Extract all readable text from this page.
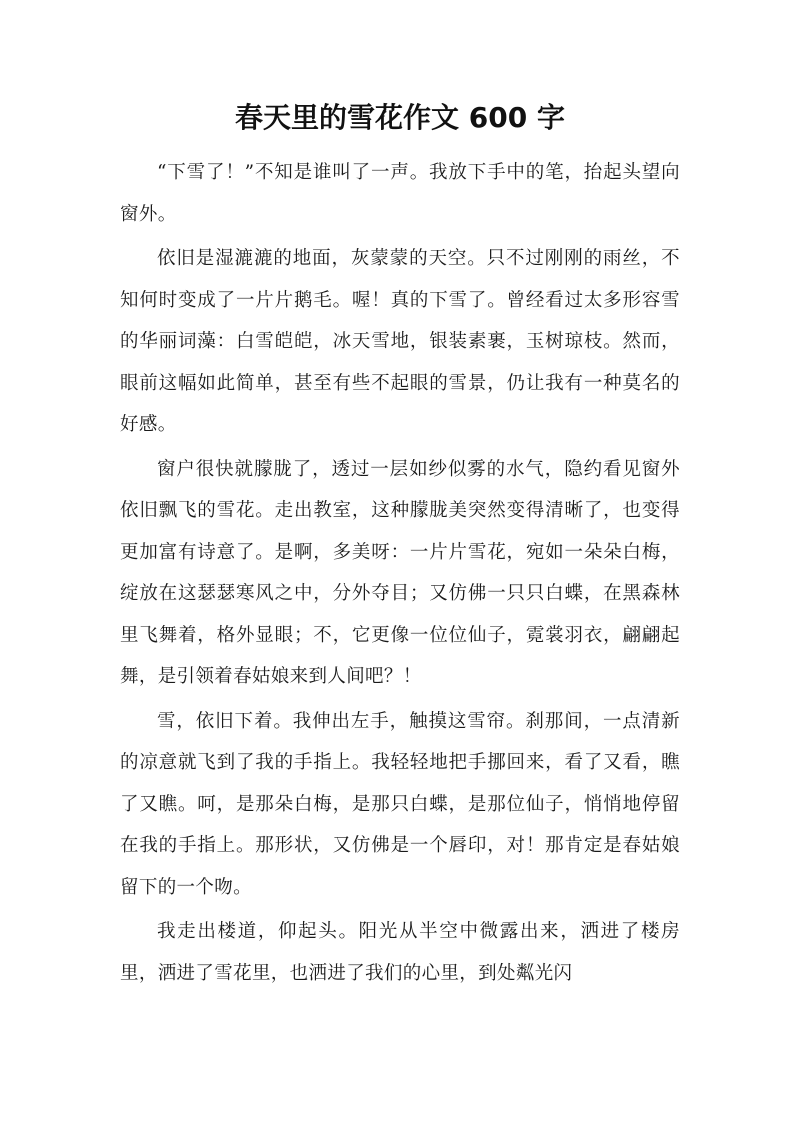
春天里的雪花作文 600 字

“下雪了！”不知是谁叫了一声。我放下手中的笔，抬起头望向窗外。

依旧是湿漉漉的地面，灰蒙蒙的天空。只不过刚刚的雨丝，不知何时变成了一片片鹅毛。喔！真的下雪了。曾经看过太多形容雪的华丽词藻：白雪皑皑，冰天雪地，银装素裹，玉树琼枝。然而，眼前这幅如此简单，甚至有些不起眼的雪景，仍让我有一种莫名的好感。

窗户很快就朦胧了，透过一层如纱似雾的水气，隐约看见窗外依旧飘飞的雪花。走出教室，这种朦胧美突然变得清晰了，也变得更加富有诗意了。是啊，多美呀：一片片雪花，宛如一朵朵白梅，绽放在这瑟瑟寒风之中，分外夺目；又仿佛一只只白蝶，在黑森林里飞舞着，格外显眼；不，它更像一位位仙子，霓裳羽衣，翩翩起舞，是引领着春姑娘来到人间吧？！

雪，依旧下着。我伸出左手，触摸这雪帘。刹那间，一点清新的凉意就飞到了我的手指上。我轻轻地把手挪回来，看了又看，瞧了又瞧。呵，是那朵白梅，是那只白蝶，是那位仙子，悄悄地停留在我的手指上。那形状，又仿佛是一个唇印，对！那肯定是春姑娘留下的一个吻。

我走出楼道，仰起头。阳光从半空中微露出来，洒进了楼房里，洒进了雪花里，也洒进了我们的心里，到处粼光闪
